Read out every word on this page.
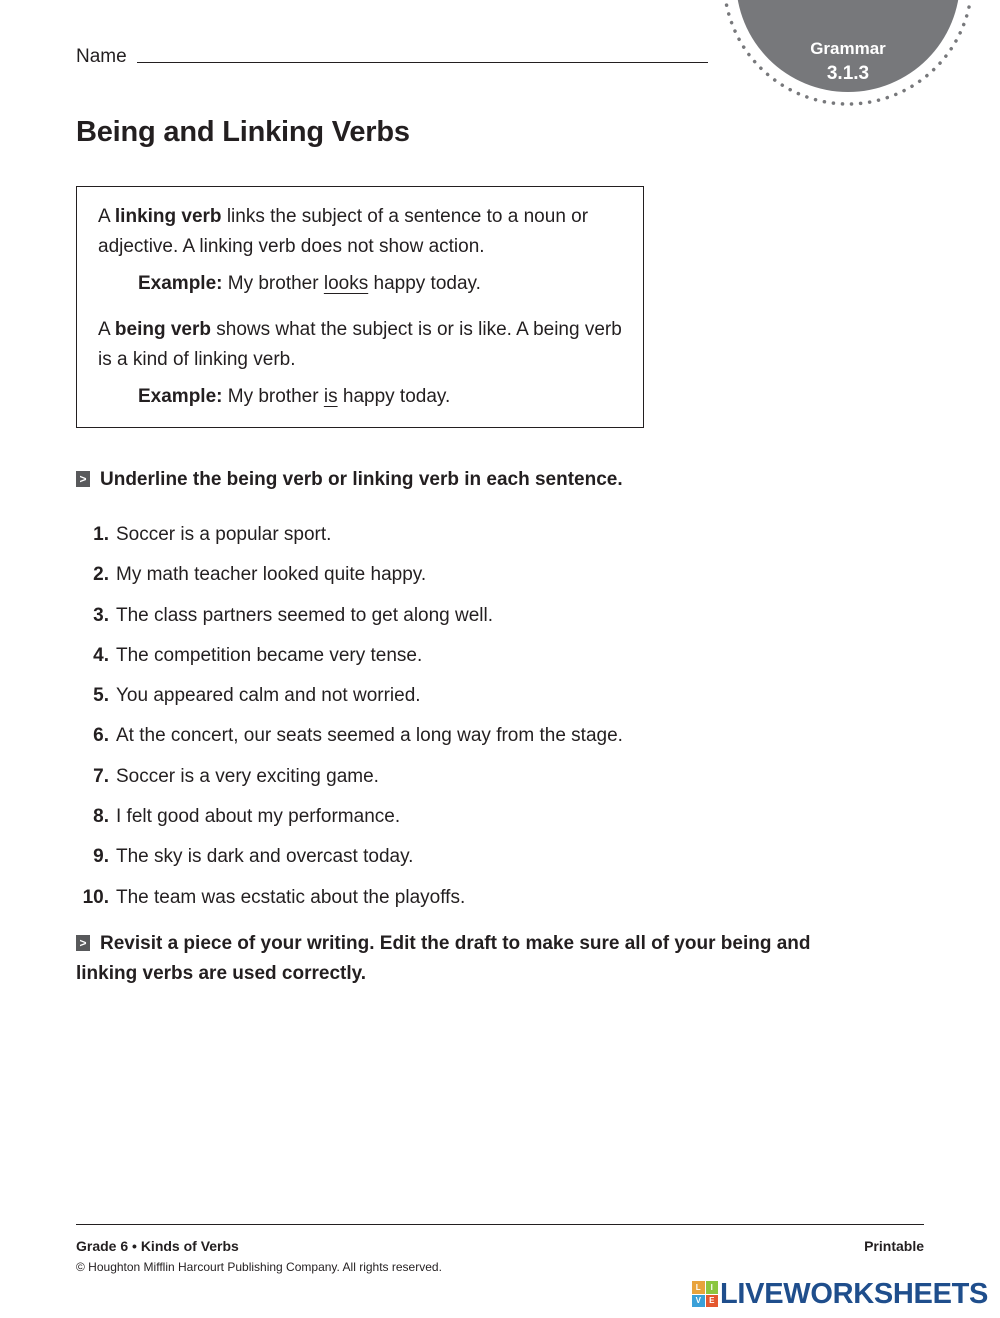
Name	Grammar
3.1.3
Being and Linking Verbs
A linking verb links the subject of a sentence to a noun or adjective. A linking verb does not show action.
Example: My brother looks happy today.
A being verb shows what the subject is or is like. A being verb is a kind of linking verb.
Example: My brother is happy today.
> Underline the being verb or linking verb in each sentence.
1. Soccer is a popular sport.
2. My math teacher looked quite happy.
3. The class partners seemed to get along well.
4. The competition became very tense.
5. You appeared calm and not worried.
6. At the concert, our seats seemed a long way from the stage.
7. Soccer is a very exciting game.
8. I felt good about my performance.
9. The sky is dark and overcast today.
10. The team was ecstatic about the playoffs.
> Revisit a piece of your writing. Edit the draft to make sure all of your being and linking verbs are used correctly.
Grade 6 • Kinds of Verbs	Printable
© Houghton Mifflin Harcourt Publishing Company. All rights reserved.
L	I
V	E LIVEWORKSHEETS
